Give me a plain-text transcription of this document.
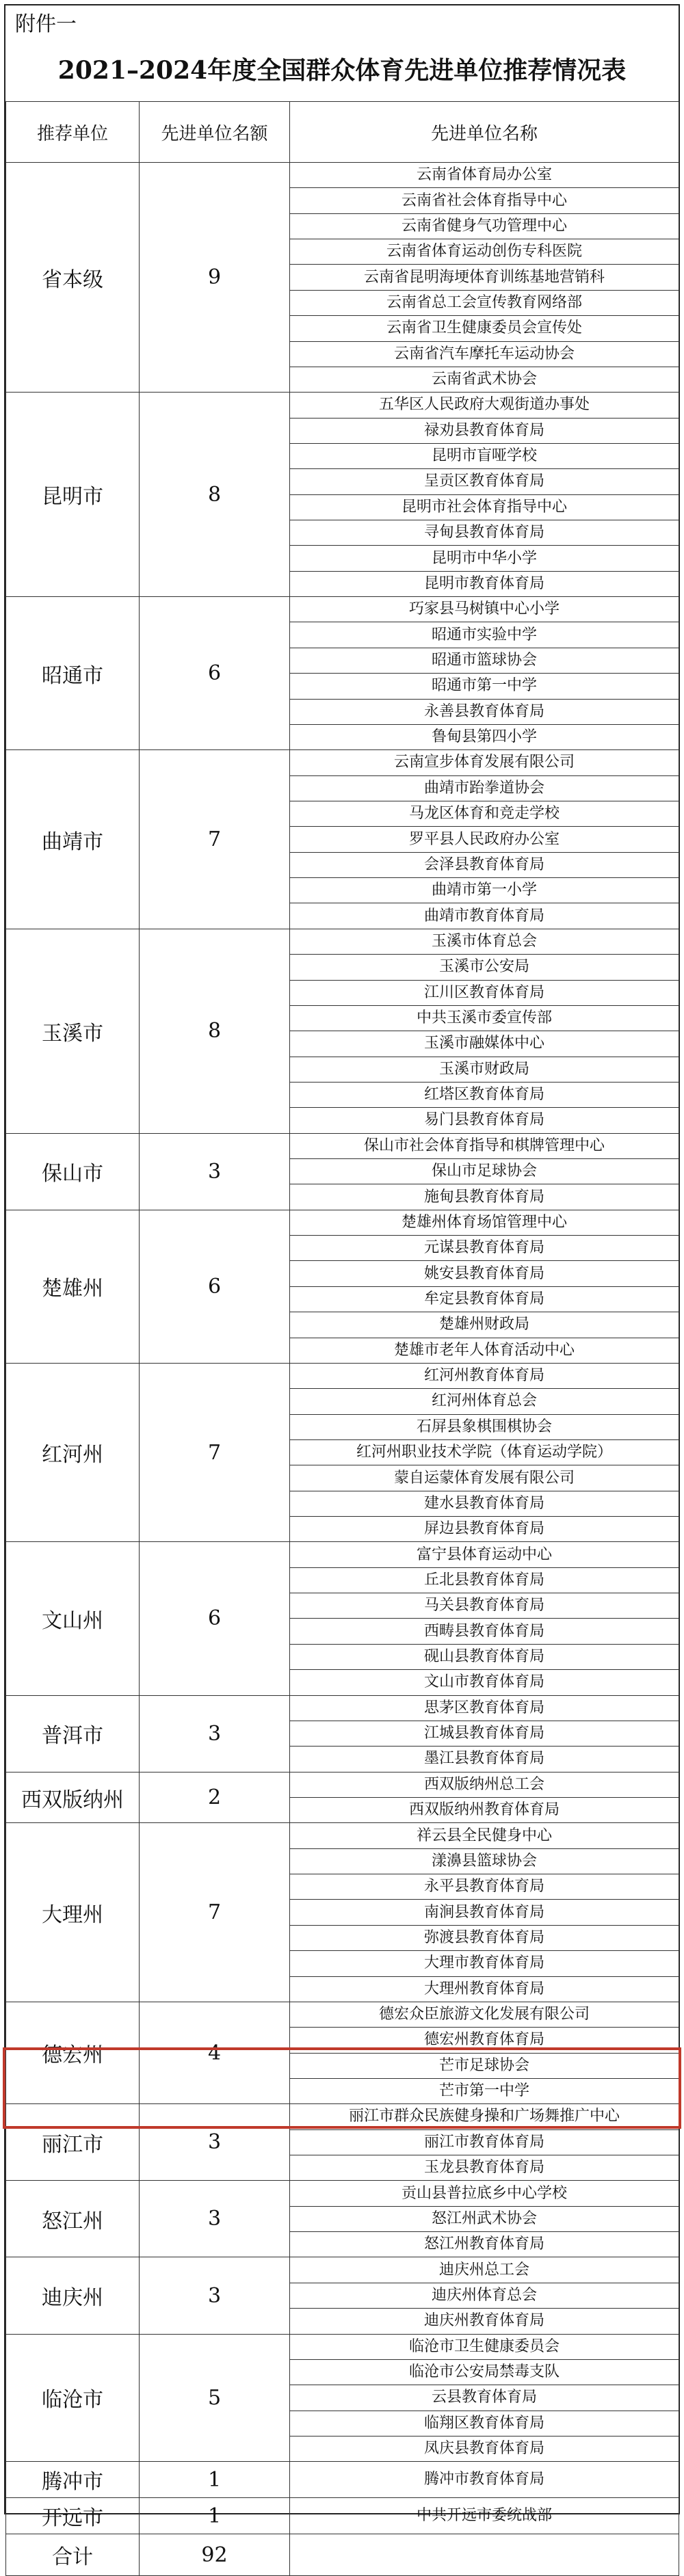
附件一
2021–2024年度全国群众体育先进单位推荐情况表
推荐单位	先进单位名额	先进单位名称
省本级	9	云南省体育局办公室
		云南省社会体育指导中心
		云南省健身气功管理中心
		云南省体育运动创伤专科医院
		云南省昆明海埂体育训练基地营销科
		云南省总工会宣传教育网络部
		云南省卫生健康委员会宣传处
		云南省汽车摩托车运动协会
		云南省武术协会
昆明市	8	五华区人民政府大观街道办事处
		禄劝县教育体育局
		昆明市盲哑学校
		呈贡区教育体育局
		昆明市社会体育指导中心
		寻甸县教育体育局
		昆明市中华小学
		昆明市教育体育局
昭通市	6	巧家县马树镇中心小学
		昭通市实验中学
		昭通市篮球协会
		昭通市第一中学
		永善县教育体育局
		鲁甸县第四小学
曲靖市	7	云南宣步体育发展有限公司
		曲靖市跆拳道协会
		马龙区体育和竞走学校
		罗平县人民政府办公室
		会泽县教育体育局
		曲靖市第一小学
		曲靖市教育体育局
玉溪市	8	玉溪市体育总会
		玉溪市公安局
		江川区教育体育局
		中共玉溪市委宣传部
		玉溪市融媒体中心
		玉溪市财政局
		红塔区教育体育局
		易门县教育体育局
保山市	3	保山市社会体育指导和棋牌管理中心
		保山市足球协会
		施甸县教育体育局
楚雄州	6	楚雄州体育场馆管理中心
		元谋县教育体育局
		姚安县教育体育局
		牟定县教育体育局
		楚雄州财政局
		楚雄市老年人体育活动中心
红河州	7	红河州教育体育局
		红河州体育总会
		石屏县象棋围棋协会
		红河州职业技术学院（体育运动学院）
		蒙自运蒙体育发展有限公司
		建水县教育体育局
		屏边县教育体育局
文山州	6	富宁县体育运动中心
		丘北县教育体育局
		马关县教育体育局
		西畴县教育体育局
		砚山县教育体育局
		文山市教育体育局
普洱市	3	思茅区教育体育局
		江城县教育体育局
		墨江县教育体育局
西双版纳州	2	西双版纳州总工会
		西双版纳州教育体育局
大理州	7	祥云县全民健身中心
		漾濞县篮球协会
		永平县教育体育局
		南涧县教育体育局
		弥渡县教育体育局
		大理市教育体育局
		大理州教育体育局
德宏州	4	德宏众臣旅游文化发展有限公司
		德宏州教育体育局
		芒市足球协会
		芒市第一中学
丽江市	3	丽江市群众民族健身操和广场舞推广中心
		丽江市教育体育局
		玉龙县教育体育局
怒江州	3	贡山县普拉底乡中心学校
		怒江州武术协会
		怒江州教育体育局
迪庆州	3	迪庆州总工会
		迪庆州体育总会
		迪庆州教育体育局
临沧市	5	临沧市卫生健康委员会
		临沧市公安局禁毒支队
		云县教育体育局
		临翔区教育体育局
		凤庆县教育体育局
腾冲市	1	腾冲市教育体育局
开远市	1	中共开远市委统战部
合计	92	
